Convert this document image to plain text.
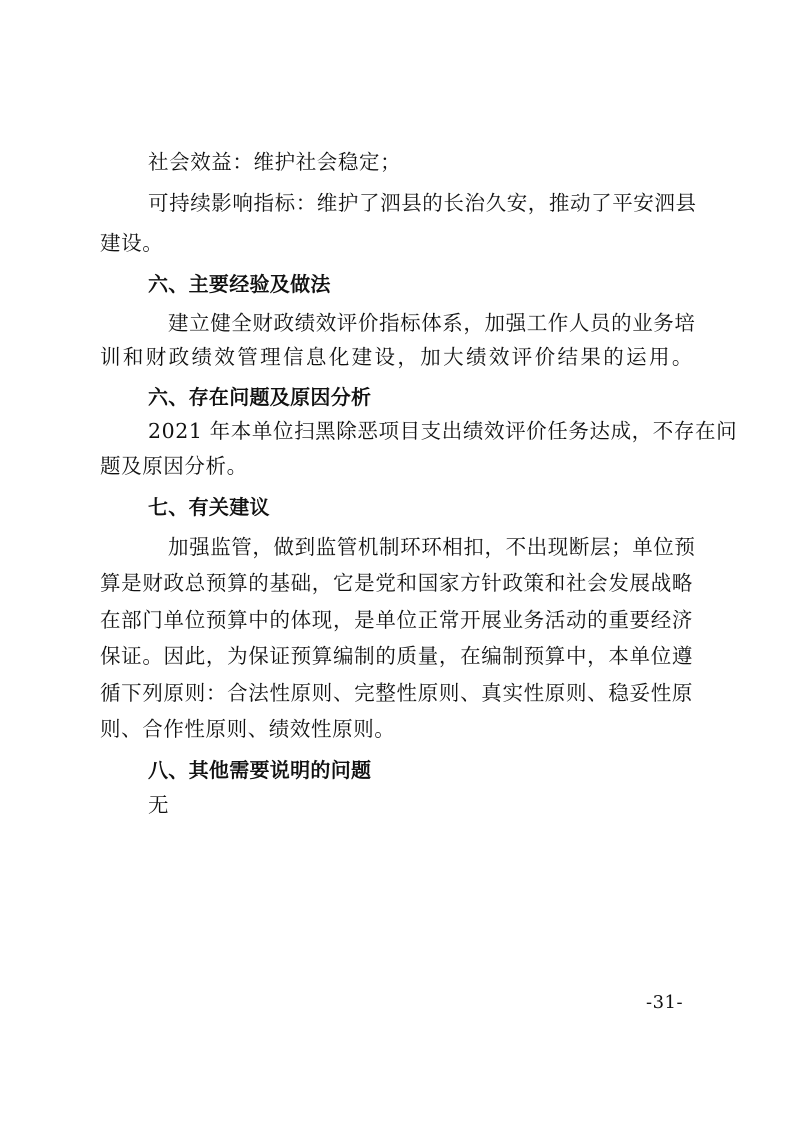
社会效益：维护社会稳定；
可持续影响指标：维护了泗县的长治久安，推动了平安泗县
建设。
六、主要经验及做法
建立健全财政绩效评价指标体系，加强工作人员的业务培
训和财政绩效管理信息化建设，加大绩效评价结果的运用。
六、存在问题及原因分析
2021 年本单位扫黑除恶项目支出绩效评价任务达成，不存在问
题及原因分析。
七、有关建议
加强监管，做到监管机制环环相扣，不出现断层；单位预
算是财政总预算的基础，它是党和国家方针政策和社会发展战略
在部门单位预算中的体现，是单位正常开展业务活动的重要经济
保证。因此，为保证预算编制的质量，在编制预算中，本单位遵
循下列原则：合法性原则、完整性原则、真实性原则、稳妥性原
则、合作性原则、绩效性原则。
八、其他需要说明的问题
无
-31-
